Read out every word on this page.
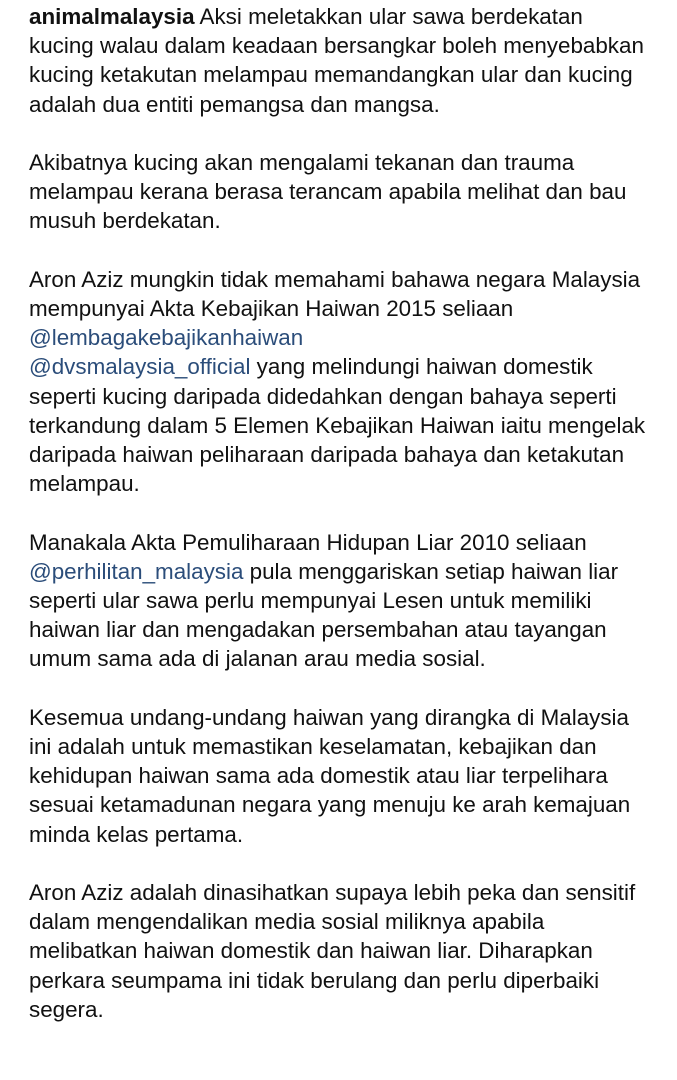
animalmalaysia Aksi meletakkan ular sawa berdekatan kucing walau dalam keadaan bersangkar boleh menyebabkan kucing ketakutan melampau memandangkan ular dan kucing adalah dua entiti pemangsa dan mangsa.

Akibatnya kucing akan mengalami tekanan dan trauma melampau kerana berasa terancam apabila melihat dan bau musuh berdekatan.

Aron Aziz mungkin tidak memahami bahawa negara Malaysia mempunyai Akta Kebajikan Haiwan 2015 seliaan @lembagakebajikanhaiwan
@dvsmalaysia_official yang melindungi haiwan domestik seperti kucing daripada didedahkan dengan bahaya seperti terkandung dalam 5 Elemen Kebajikan Haiwan iaitu mengelak daripada haiwan peliharaan daripada bahaya dan ketakutan melampau.

Manakala Akta Pemuliharaan Hidupan Liar 2010 seliaan @perhilitan_malaysia pula menggariskan setiap haiwan liar seperti ular sawa perlu mempunyai Lesen untuk memiliki haiwan liar dan mengadakan persembahan atau tayangan umum sama ada di jalanan arau media sosial.

Kesemua undang-undang haiwan yang dirangka di Malaysia ini adalah untuk memastikan keselamatan, kebajikan dan kehidupan haiwan sama ada domestik atau liar terpelihara sesuai ketamadunan negara yang menuju ke arah kemajuan minda kelas pertama.

Aron Aziz adalah dinasihatkan supaya lebih peka dan sensitif dalam mengendalikan media sosial miliknya apabila melibatkan haiwan domestik dan haiwan liar. Diharapkan perkara seumpama ini tidak berulang dan perlu diperbaiki segera.
